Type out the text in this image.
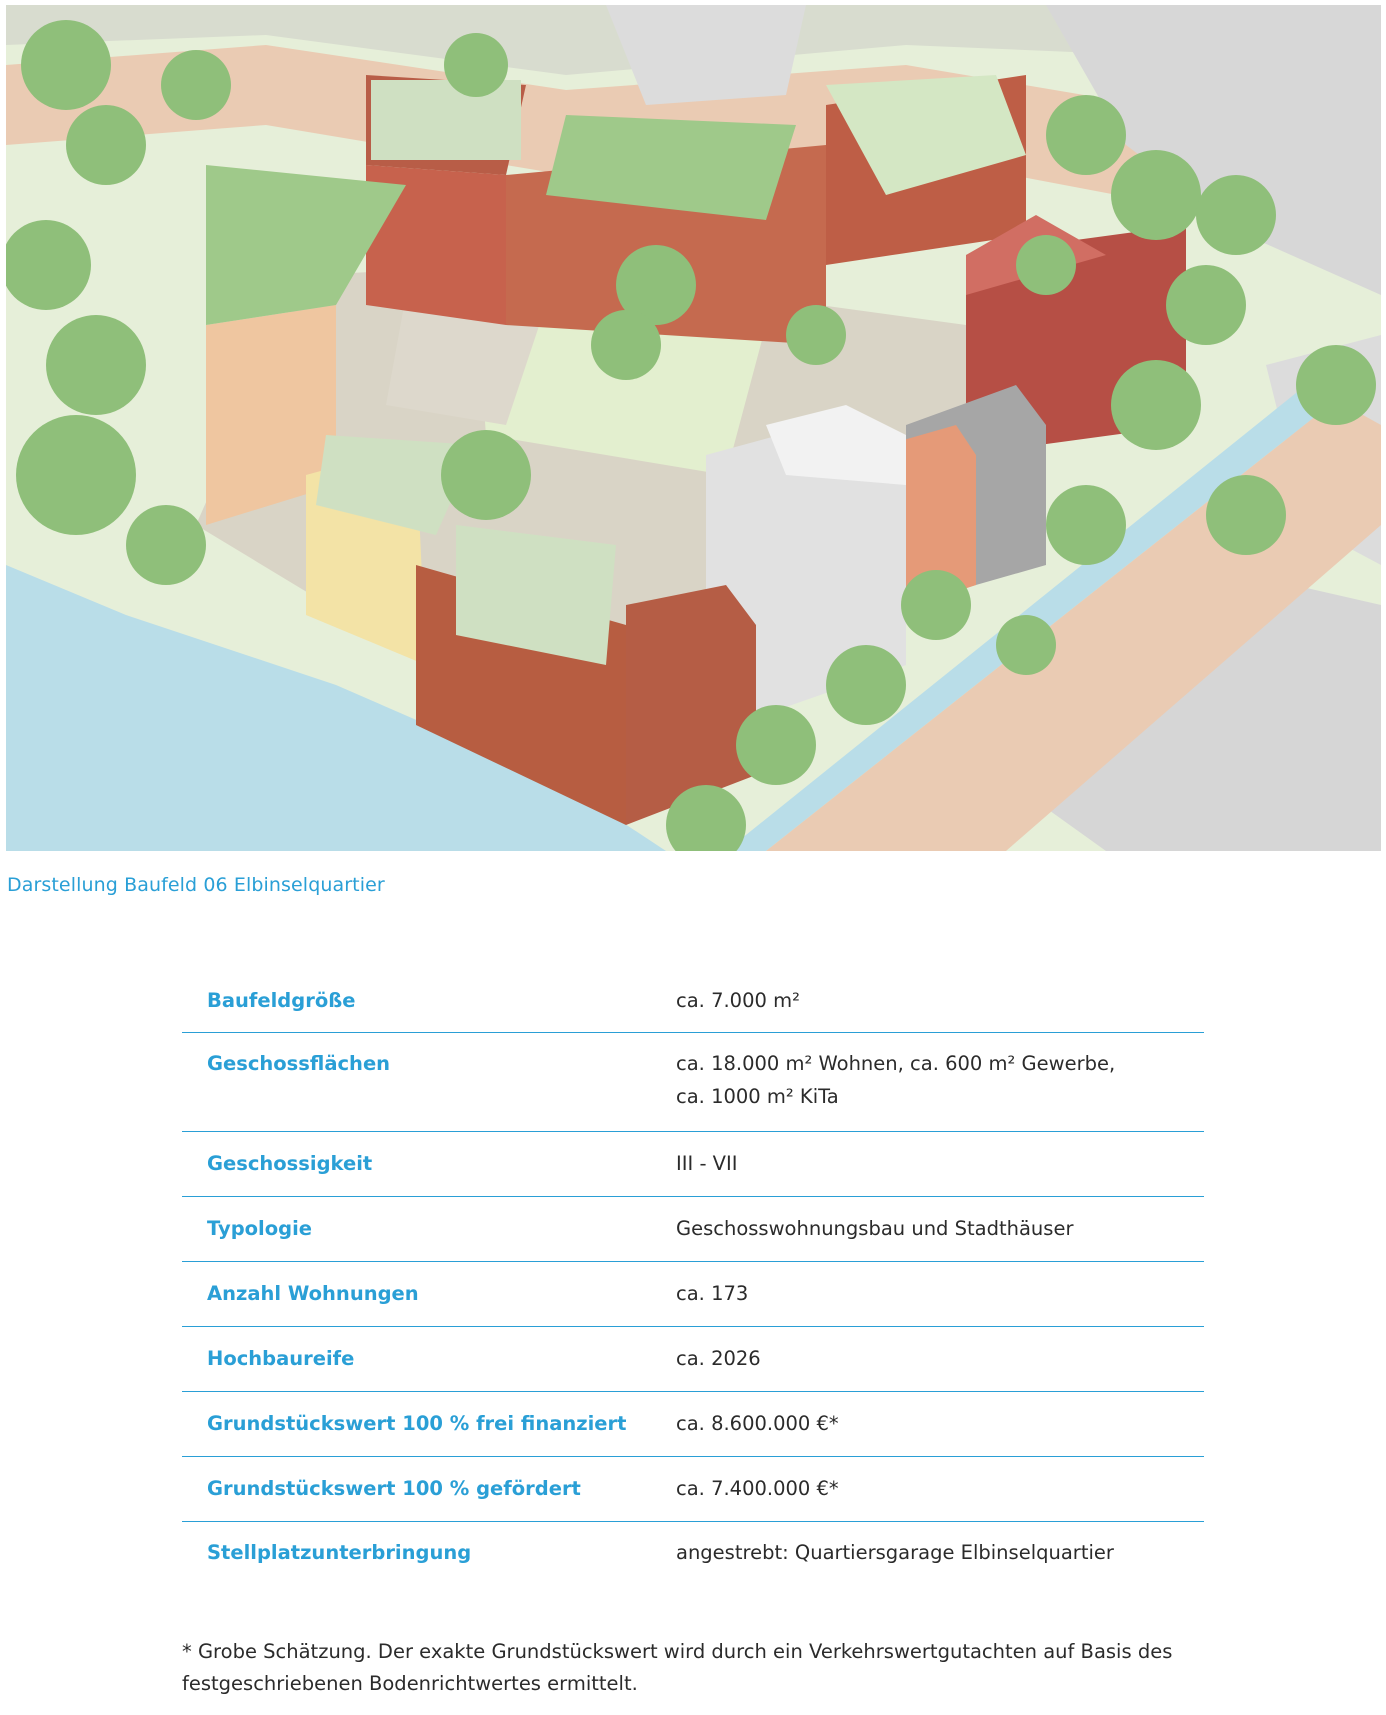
Darstellung Baufeld 06 Elbinselquartier
Baufeldgröße	ca. 7.000 m²
Geschossflächen	ca. 18.000 m² Wohnen, ca. 600 m² Gewerbe,
ca. 1000 m² KiTa
Geschossigkeit	III - VII
Typologie	Geschosswohnungsbau und Stadthäuser
Anzahl Wohnungen	ca. 173
Hochbaureife	ca. 2026
Grundstückswert 100 % frei finanziert	ca. 8.600.000 €*
Grundstückswert 100 % gefördert	ca. 7.400.000 €*
Stellplatzunterbringung	angestrebt: Quartiersgarage Elbinselquartier
* Grobe Schätzung. Der exakte Grundstückswert wird durch ein Verkehrswertgutachten auf Basis des
festgeschriebenen Bodenrichtwertes ermittelt.
